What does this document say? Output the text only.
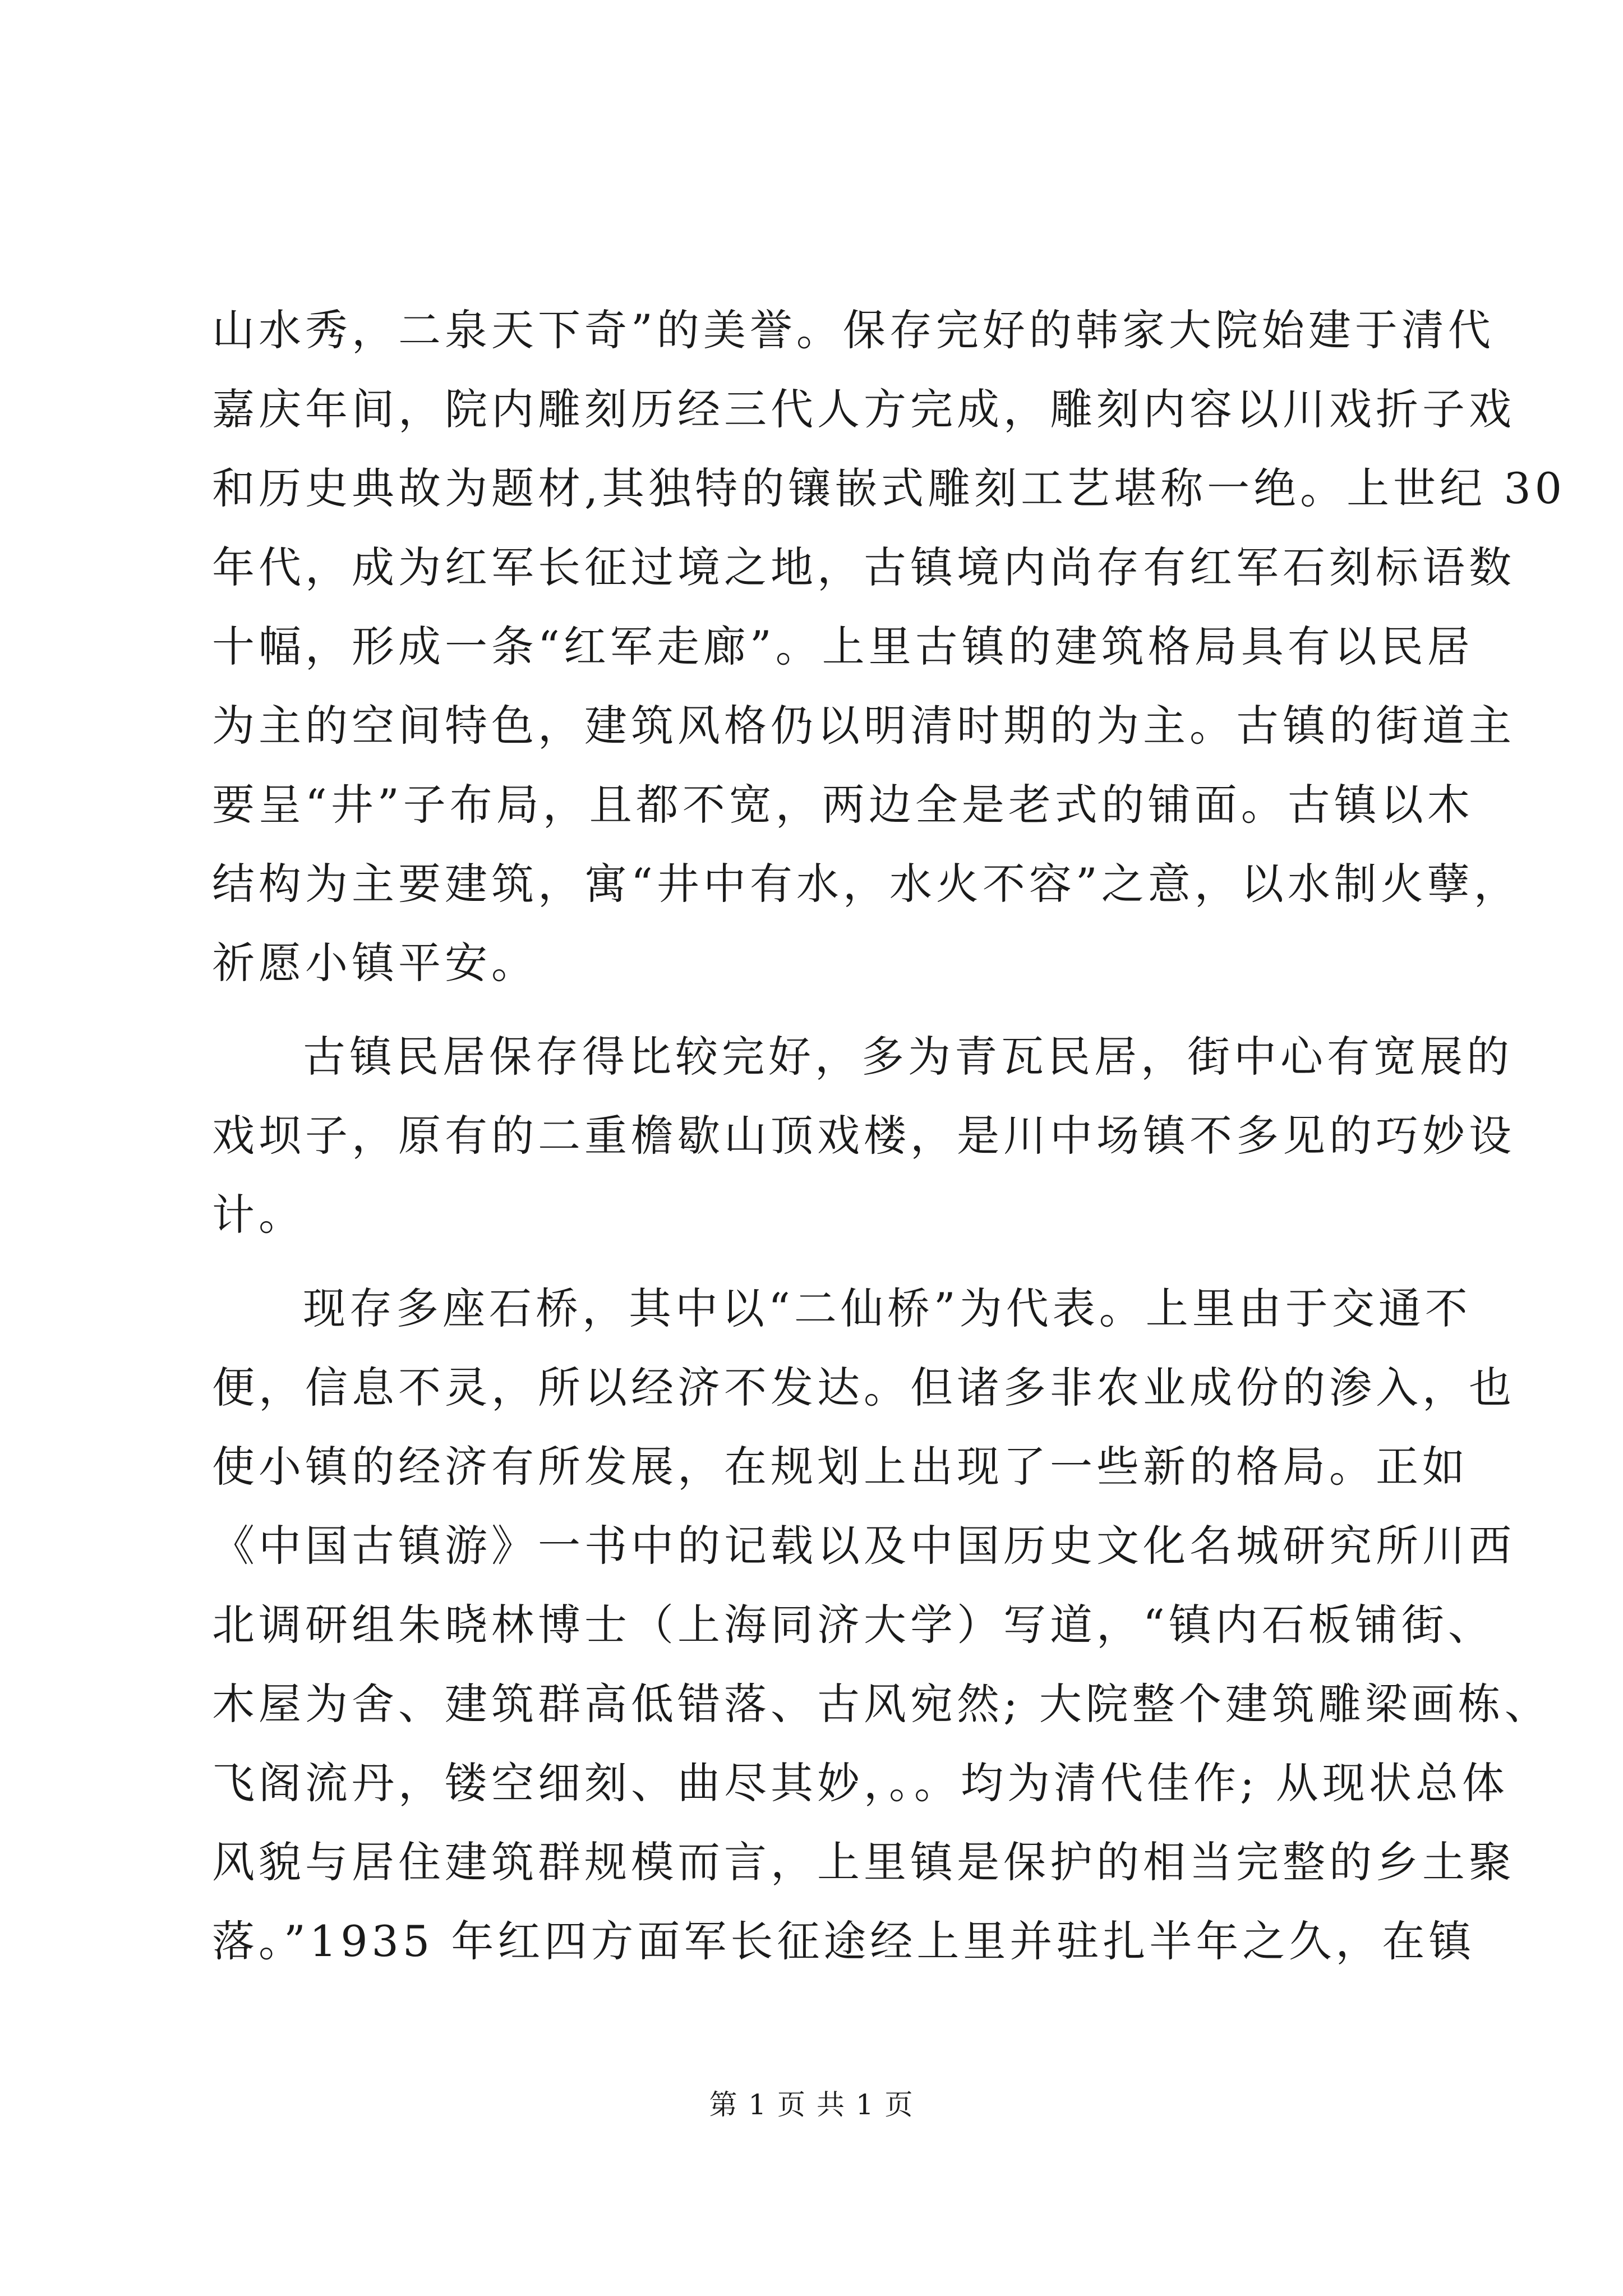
山水秀，二泉天下奇”的美誉。保存完好的韩家大院始建于清代
嘉庆年间，院内雕刻历经三代人方完成，雕刻内容以川戏折子戏
和历史典故为题材,其独特的镶嵌式雕刻工艺堪称一绝。上世纪 30
年代，成为红军长征过境之地，古镇境内尚存有红军石刻标语数
十幅，形成一条“红军走廊”。上里古镇的建筑格局具有以民居
为主的空间特色，建筑风格仍以明清时期的为主。古镇的街道主
要呈“井”子布局，且都不宽，两边全是老式的铺面。古镇以木
结构为主要建筑，寓“井中有水，水火不容”之意，以水制火孽，
祈愿小镇平安。
古镇民居保存得比较完好，多为青瓦民居，街中心有宽展的
戏坝子，原有的二重檐歇山顶戏楼，是川中场镇不多见的巧妙设
计。
现存多座石桥，其中以“二仙桥”为代表。上里由于交通不
便，信息不灵，所以经济不发达。但诸多非农业成份的渗入，也
使小镇的经济有所发展，在规划上出现了一些新的格局。正如
《中国古镇游》一书中的记载以及中国历史文化名城研究所川西
北调研组朱晓林博士（上海同济大学）写道，“镇内石板铺街、
木屋为舍、建筑群高低错落、古风宛然; 大院整个建筑雕梁画栋、
飞阁流丹，镂空细刻、曲尽其妙，。。均为清代佳作; 从现状总体
风貌与居住建筑群规模而言，上里镇是保护的相当完整的乡土聚
落。”1935 年红四方面军长征途经上里并驻扎半年之久，在镇
第 1 页 共 1 页
